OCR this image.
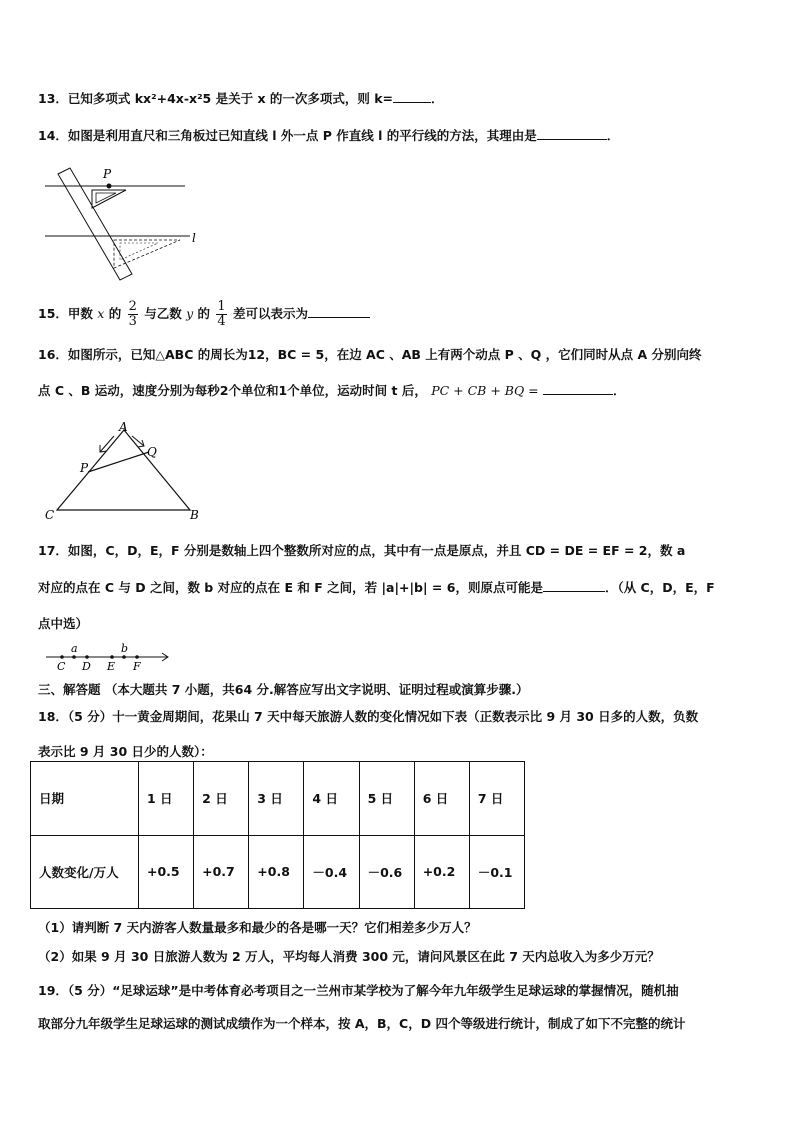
13．已知多项式 kx²+4x-x²5 是关于 x 的一次多项式，则 k=	．
14．如图是利用直尺和三角板过已知直线 l 外一点 P 作直线 l 的平行线的方法，其理由是	．
P
l
15．甲数 x 的 $\frac{2}{3}$ 与乙数 y 的 $\frac{1}{4}$ 差可以表示为
16．如图所示，已知△ABC 的周长为12，BC = 5，在边 AC 、AB 上有两个动点 P 、Q ，它们同时从点 A 分别向终
点 C 、B 运动，速度分别为每秒2个单位和1个单位，运动时间 t 后， PC + CB + BQ =	．
A
C	B
P
Q
17．如图，C，D，E，F 分别是数轴上四个整数所对应的点，其中有一点是原点，并且 CD = DE = EF = 2，数 a
对应的点在 C 与 D 之间，数 b 对应的点在 E 和 F 之间，若 |a|+|b| = 6，则原点可能是	．（从 C，D，E，F
点中选）
a	b
C D E F
三、解答题 （本大题共 7 小题，共64 分.解答应写出文字说明、证明过程或演算步骤.）
18．（5 分）十一黄金周期间，花果山 7 天中每天旅游人数的变化情况如下表（正数表示比 9 月 30 日多的人数，负数
表示比 9 月 30 日少的人数）：
日期	1 日	2 日	3 日	4 日	5 日	6 日	7 日
人数变化/万人	+0.5	+0.7	+0.8	－0.4	－0.6	+0.2	－0.1
（1）请判断 7 天内游客人数量最多和最少的各是哪一天？它们相差多少万人？
（2）如果 9 月 30 日旅游人数为 2 万人，平均每人消费 300 元，请问风景区在此 7 天内总收入为多少万元？
19．（5 分）“足球运球”是中考体育必考项目之一兰州市某学校为了解今年九年级学生足球运球的掌握情况，随机抽
取部分九年级学生足球运球的测试成绩作为一个样本，按 A，B，C，D 四个等级进行统计，制成了如下不完整的统计
